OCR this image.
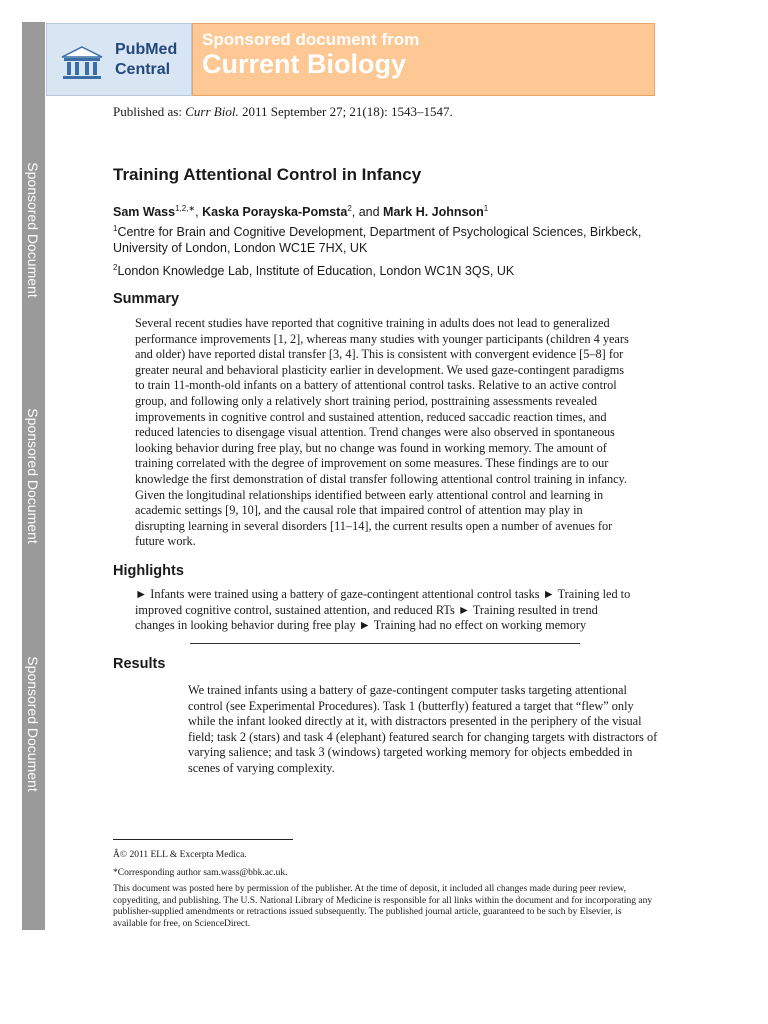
Sponsored Document
Sponsored Document
Sponsored Document
PubMed
Central
Sponsored document from
Current Biology
Published as: Curr Biol. 2011 September 27; 21(18): 1543–1547.
Training Attentional Control in Infancy
Sam Wass$^{1,2,∗}$, Kaska Porayska-Pomsta$^2$, and Mark H. Johnson$^1$
$^1$Centre for Brain and Cognitive Development, Department of Psychological Sciences, Birkbeck, University of London, London WC1E 7HX, UK
$^2$London Knowledge Lab, Institute of Education, London WC1N 3QS, UK
Summary
Several recent studies have reported that cognitive training in adults does not lead to generalized performance improvements [1, 2], whereas many studies with younger participants (children 4 years and older) have reported distal transfer [3, 4]. This is consistent with convergent evidence [5–8] for greater neural and behavioral plasticity earlier in development. We used gaze-contingent paradigms to train 11-month-old infants on a battery of attentional control tasks. Relative to an active control group, and following only a relatively short training period, posttraining assessments revealed improvements in cognitive control and sustained attention, reduced saccadic reaction times, and reduced latencies to disengage visual attention. Trend changes were also observed in spontaneous looking behavior during free play, but no change was found in working memory. The amount of training correlated with the degree of improvement on some measures. These findings are to our knowledge the first demonstration of distal transfer following attentional control training in infancy. Given the longitudinal relationships identified between early attentional control and learning in academic settings [9, 10], and the causal role that impaired control of attention may play in disrupting learning in several disorders [11–14], the current results open a number of avenues for future work.
Highlights
► Infants were trained using a battery of gaze-contingent attentional control tasks ► Training led to improved cognitive control, sustained attention, and reduced RTs ► Training resulted in trend changes in looking behavior during free play ► Training had no effect on working memory
Results
We trained infants using a battery of gaze-contingent computer tasks targeting attentional control (see Experimental Procedures). Task 1 (butterfly) featured a target that “flew” only while the infant looked directly at it, with distractors presented in the periphery of the visual field; task 2 (stars) and task 4 (elephant) featured search for changing targets with distractors of varying salience; and task 3 (windows) targeted working memory for objects embedded in scenes of varying complexity.
Â© 2011 ELL & Excerpta Medica.
*Corresponding author sam.wass@bbk.ac.uk.
This document was posted here by permission of the publisher. At the time of deposit, it included all changes made during peer review, copyediting, and publishing. The U.S. National Library of Medicine is responsible for all links within the document and for incorporating any publisher-supplied amendments or retractions issued subsequently. The published journal article, guaranteed to be such by Elsevier, is available for free, on ScienceDirect.
